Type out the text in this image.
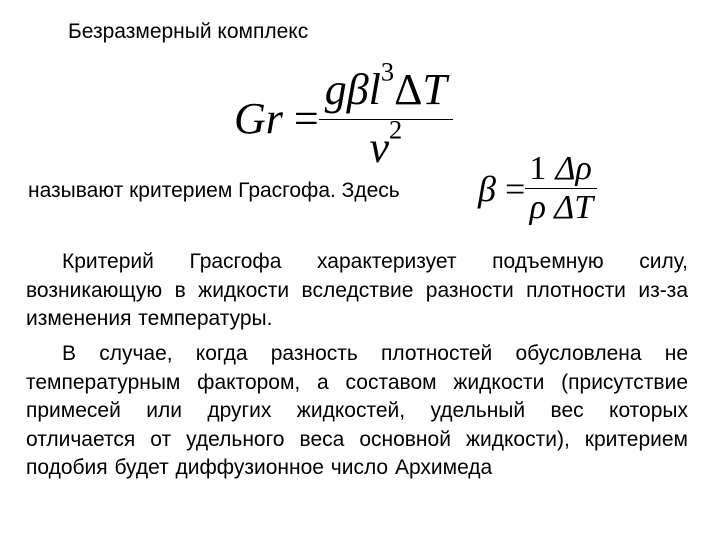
Безразмерный комплекс
$Gr = \frac{g\beta l^3\Delta T}{v^2}$
называют критерием Грасгофа. Здесь $\beta = \frac{1}{\rho} \frac{\Delta\rho}{\Delta T}$

Критерий Грасгофа характеризует подъемную силу, возникающую в жидкости вследствие разности плотности из-за изменения температуры.

В случае, когда разность плотностей обусловлена не температурным фактором, а составом жидкости (присутствие примесей или других жидкостей, удельный вес которых отличается от удельного веса основной жидкости), критерием подобия будет диффузионное число Архимеда
